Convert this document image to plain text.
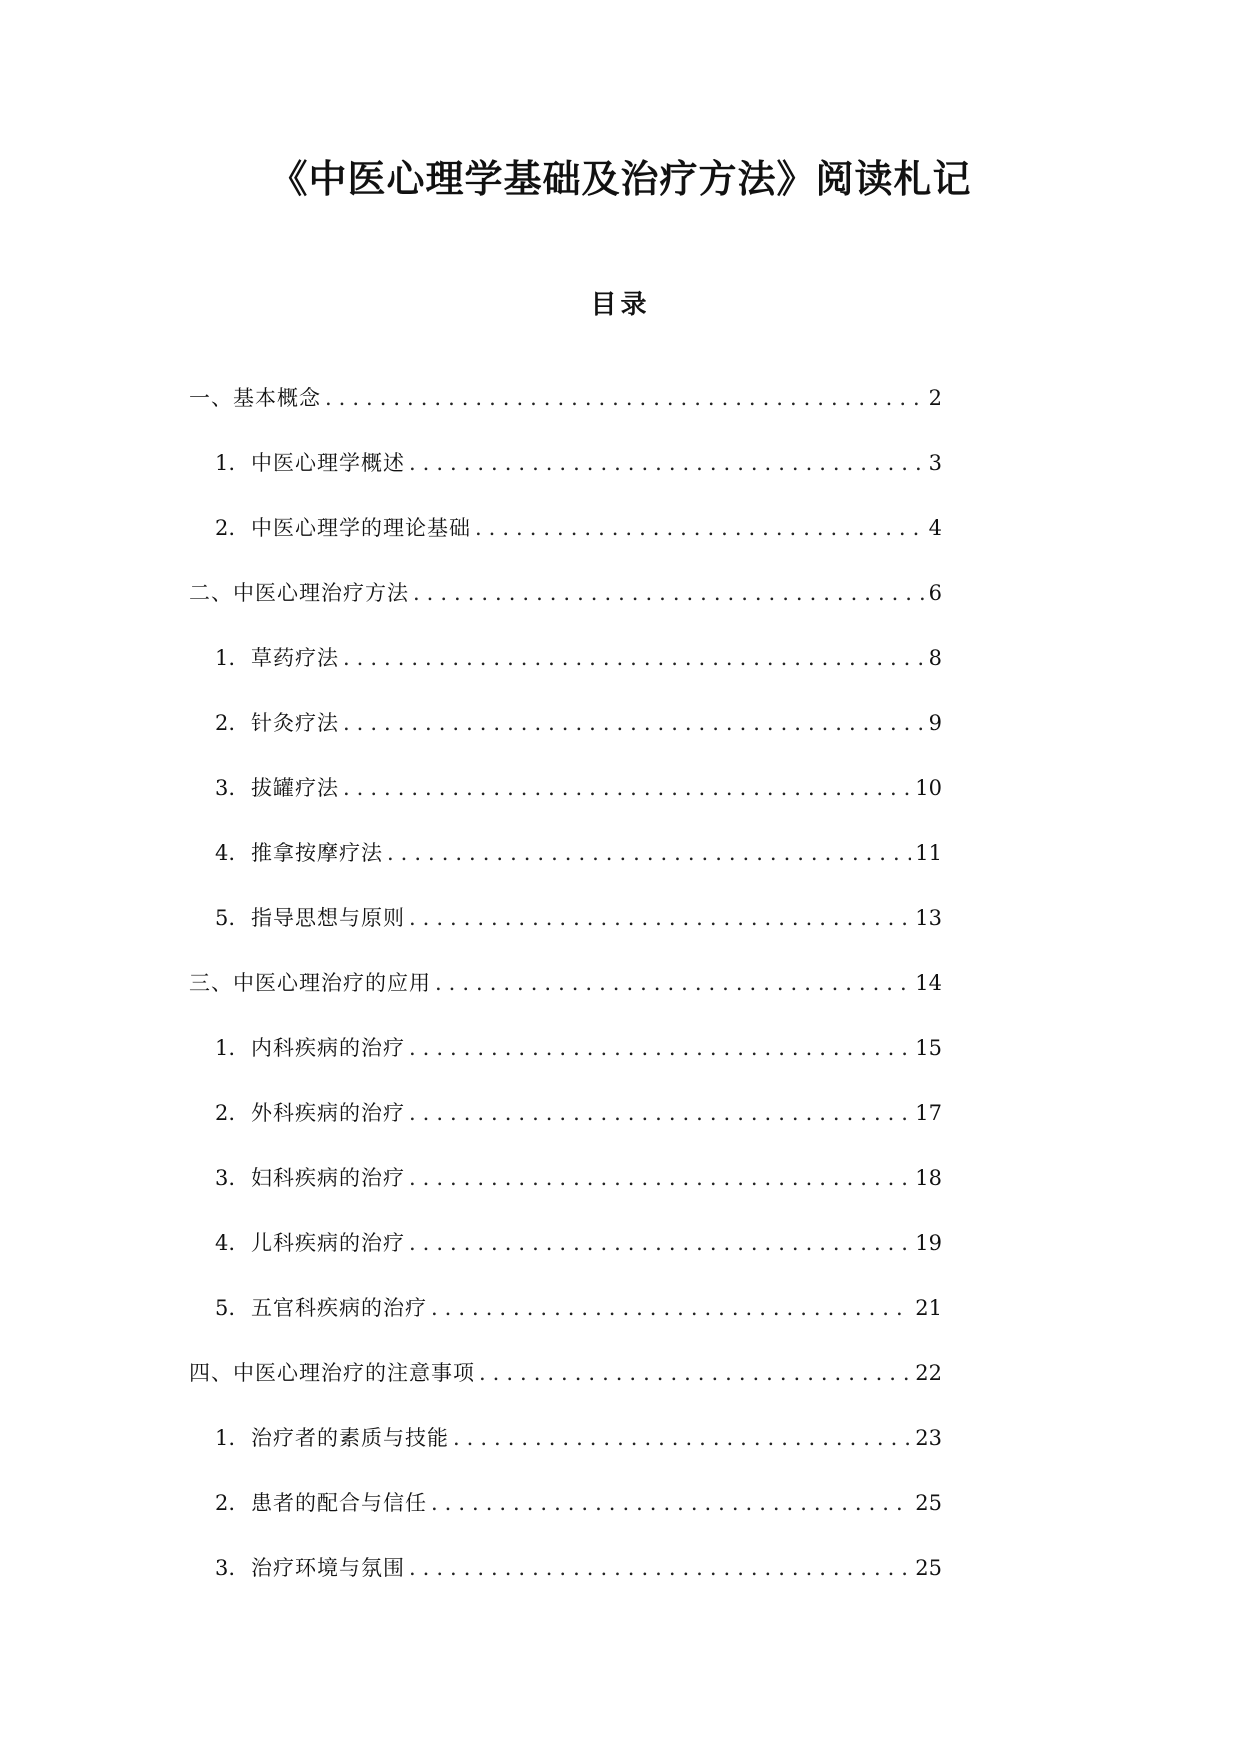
《中医心理学基础及治疗方法》阅读札记
目录
一、基本概念 .....	2
1. 中医心理学概述 .....	3
2. 中医心理学的理论基础 .....	4
二、中医心理治疗方法 .....	6
1. 草药疗法 .....	8
2. 针灸疗法 .....	9
3. 拔罐疗法 .....	10
4. 推拿按摩疗法 .....	11
5. 指导思想与原则 .....	13
三、中医心理治疗的应用 .....	14
1. 内科疾病的治疗 .....	15
2. 外科疾病的治疗 .....	17
3. 妇科疾病的治疗 .....	18
4. 儿科疾病的治疗 .....	19
5. 五官科疾病的治疗 .....	21
四、中医心理治疗的注意事项 .....	22
1. 治疗者的素质与技能 .....	23
2. 患者的配合与信任 .....	25
3. 治疗环境与氛围 .....	25
